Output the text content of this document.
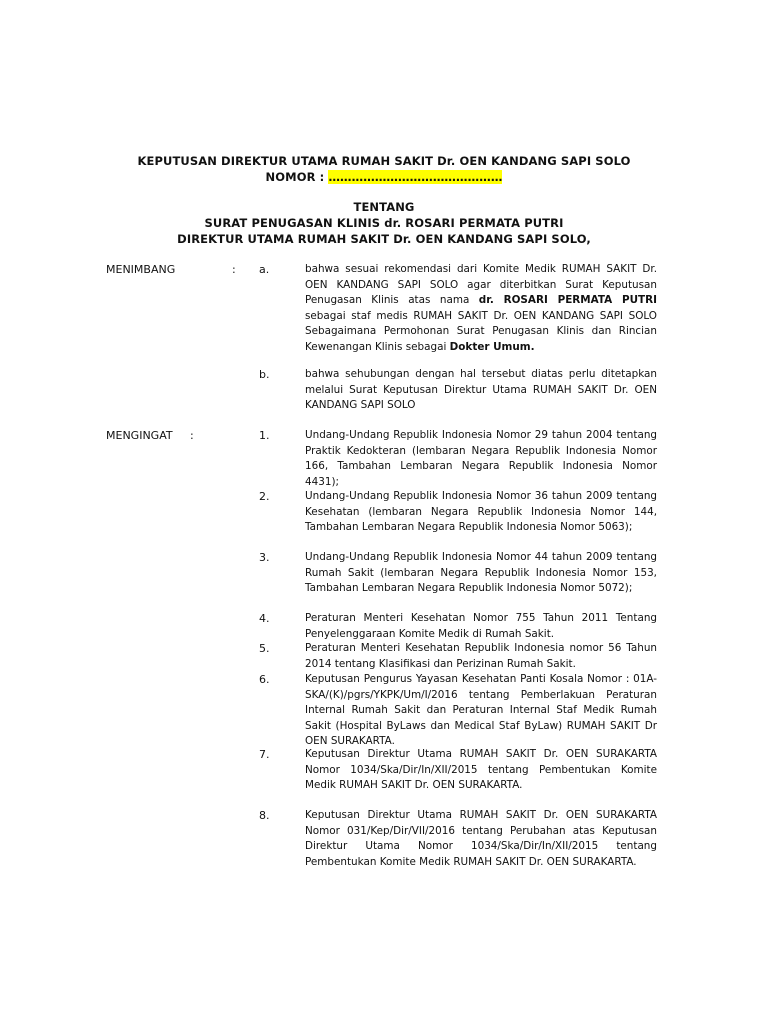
KEPUTUSAN DIREKTUR UTAMA RUMAH SAKIT Dr. OEN KANDANG SAPI SOLO
NOMOR : ………………………………………
TENTANG
SURAT PENUGASAN KLINIS dr. ROSARI PERMATA PUTRI
DIREKTUR UTAMA RUMAH SAKIT Dr. OEN KANDANG SAPI SOLO,
MENIMBANG	: a.	bahwa sesuai rekomendasi dari Komite Medik RUMAH SAKIT Dr. OEN KANDANG SAPI SOLO agar diterbitkan Surat Keputusan Penugasan Klinis atas nama dr. ROSARI PERMATA PUTRI sebagai staf medis RUMAH SAKIT Dr. OEN KANDANG SAPI SOLO Sebagaimana Permohonan Surat Penugasan Klinis dan Rincian Kewenangan Klinis sebagai Dokter Umum.
b.	bahwa sehubungan dengan hal tersebut diatas perlu ditetapkan melalui Surat Keputusan Direktur Utama RUMAH SAKIT Dr. OEN KANDANG SAPI SOLO
MENGINGAT :	1.	Undang-Undang Republik Indonesia Nomor 29 tahun 2004 tentang Praktik Kedokteran (lembaran Negara Republik Indonesia Nomor 166, Tambahan Lembaran Negara Republik Indonesia Nomor 4431);
2.	Undang-Undang Republik Indonesia Nomor 36 tahun 2009 tentang Kesehatan (lembaran Negara Republik Indonesia Nomor 144, Tambahan Lembaran Negara Republik Indonesia Nomor 5063);
3.	Undang-Undang Republik Indonesia Nomor 44 tahun 2009 tentang Rumah Sakit (lembaran Negara Republik Indonesia Nomor 153, Tambahan Lembaran Negara Republik Indonesia Nomor 5072);
4.	Peraturan Menteri Kesehatan Nomor 755 Tahun 2011 Tentang Penyelenggaraan Komite Medik di Rumah Sakit.
5.	Peraturan Menteri Kesehatan Republik Indonesia nomor 56 Tahun 2014 tentang Klasifikasi dan Perizinan Rumah Sakit.
6.	Keputusan Pengurus Yayasan Kesehatan Panti Kosala Nomor : 01A-SKA/(K)/pgrs/YKPK/Um/I/2016 tentang Pemberlakuan Peraturan Internal Rumah Sakit dan Peraturan Internal Staf Medik Rumah Sakit (Hospital ByLaws dan Medical Staf ByLaw) RUMAH SAKIT Dr OEN SURAKARTA.
7.	Keputusan Direktur Utama RUMAH SAKIT Dr. OEN SURAKARTA Nomor 1034/Ska/Dir/In/XII/2015 tentang Pembentukan Komite Medik RUMAH SAKIT Dr. OEN SURAKARTA.
8.	Keputusan Direktur Utama RUMAH SAKIT Dr. OEN SURAKARTA Nomor 031/Kep/Dir/VII/2016 tentang Perubahan atas Keputusan Direktur Utama Nomor 1034/Ska/Dir/In/XII/2015 tentang Pembentukan Komite Medik RUMAH SAKIT Dr. OEN SURAKARTA.
